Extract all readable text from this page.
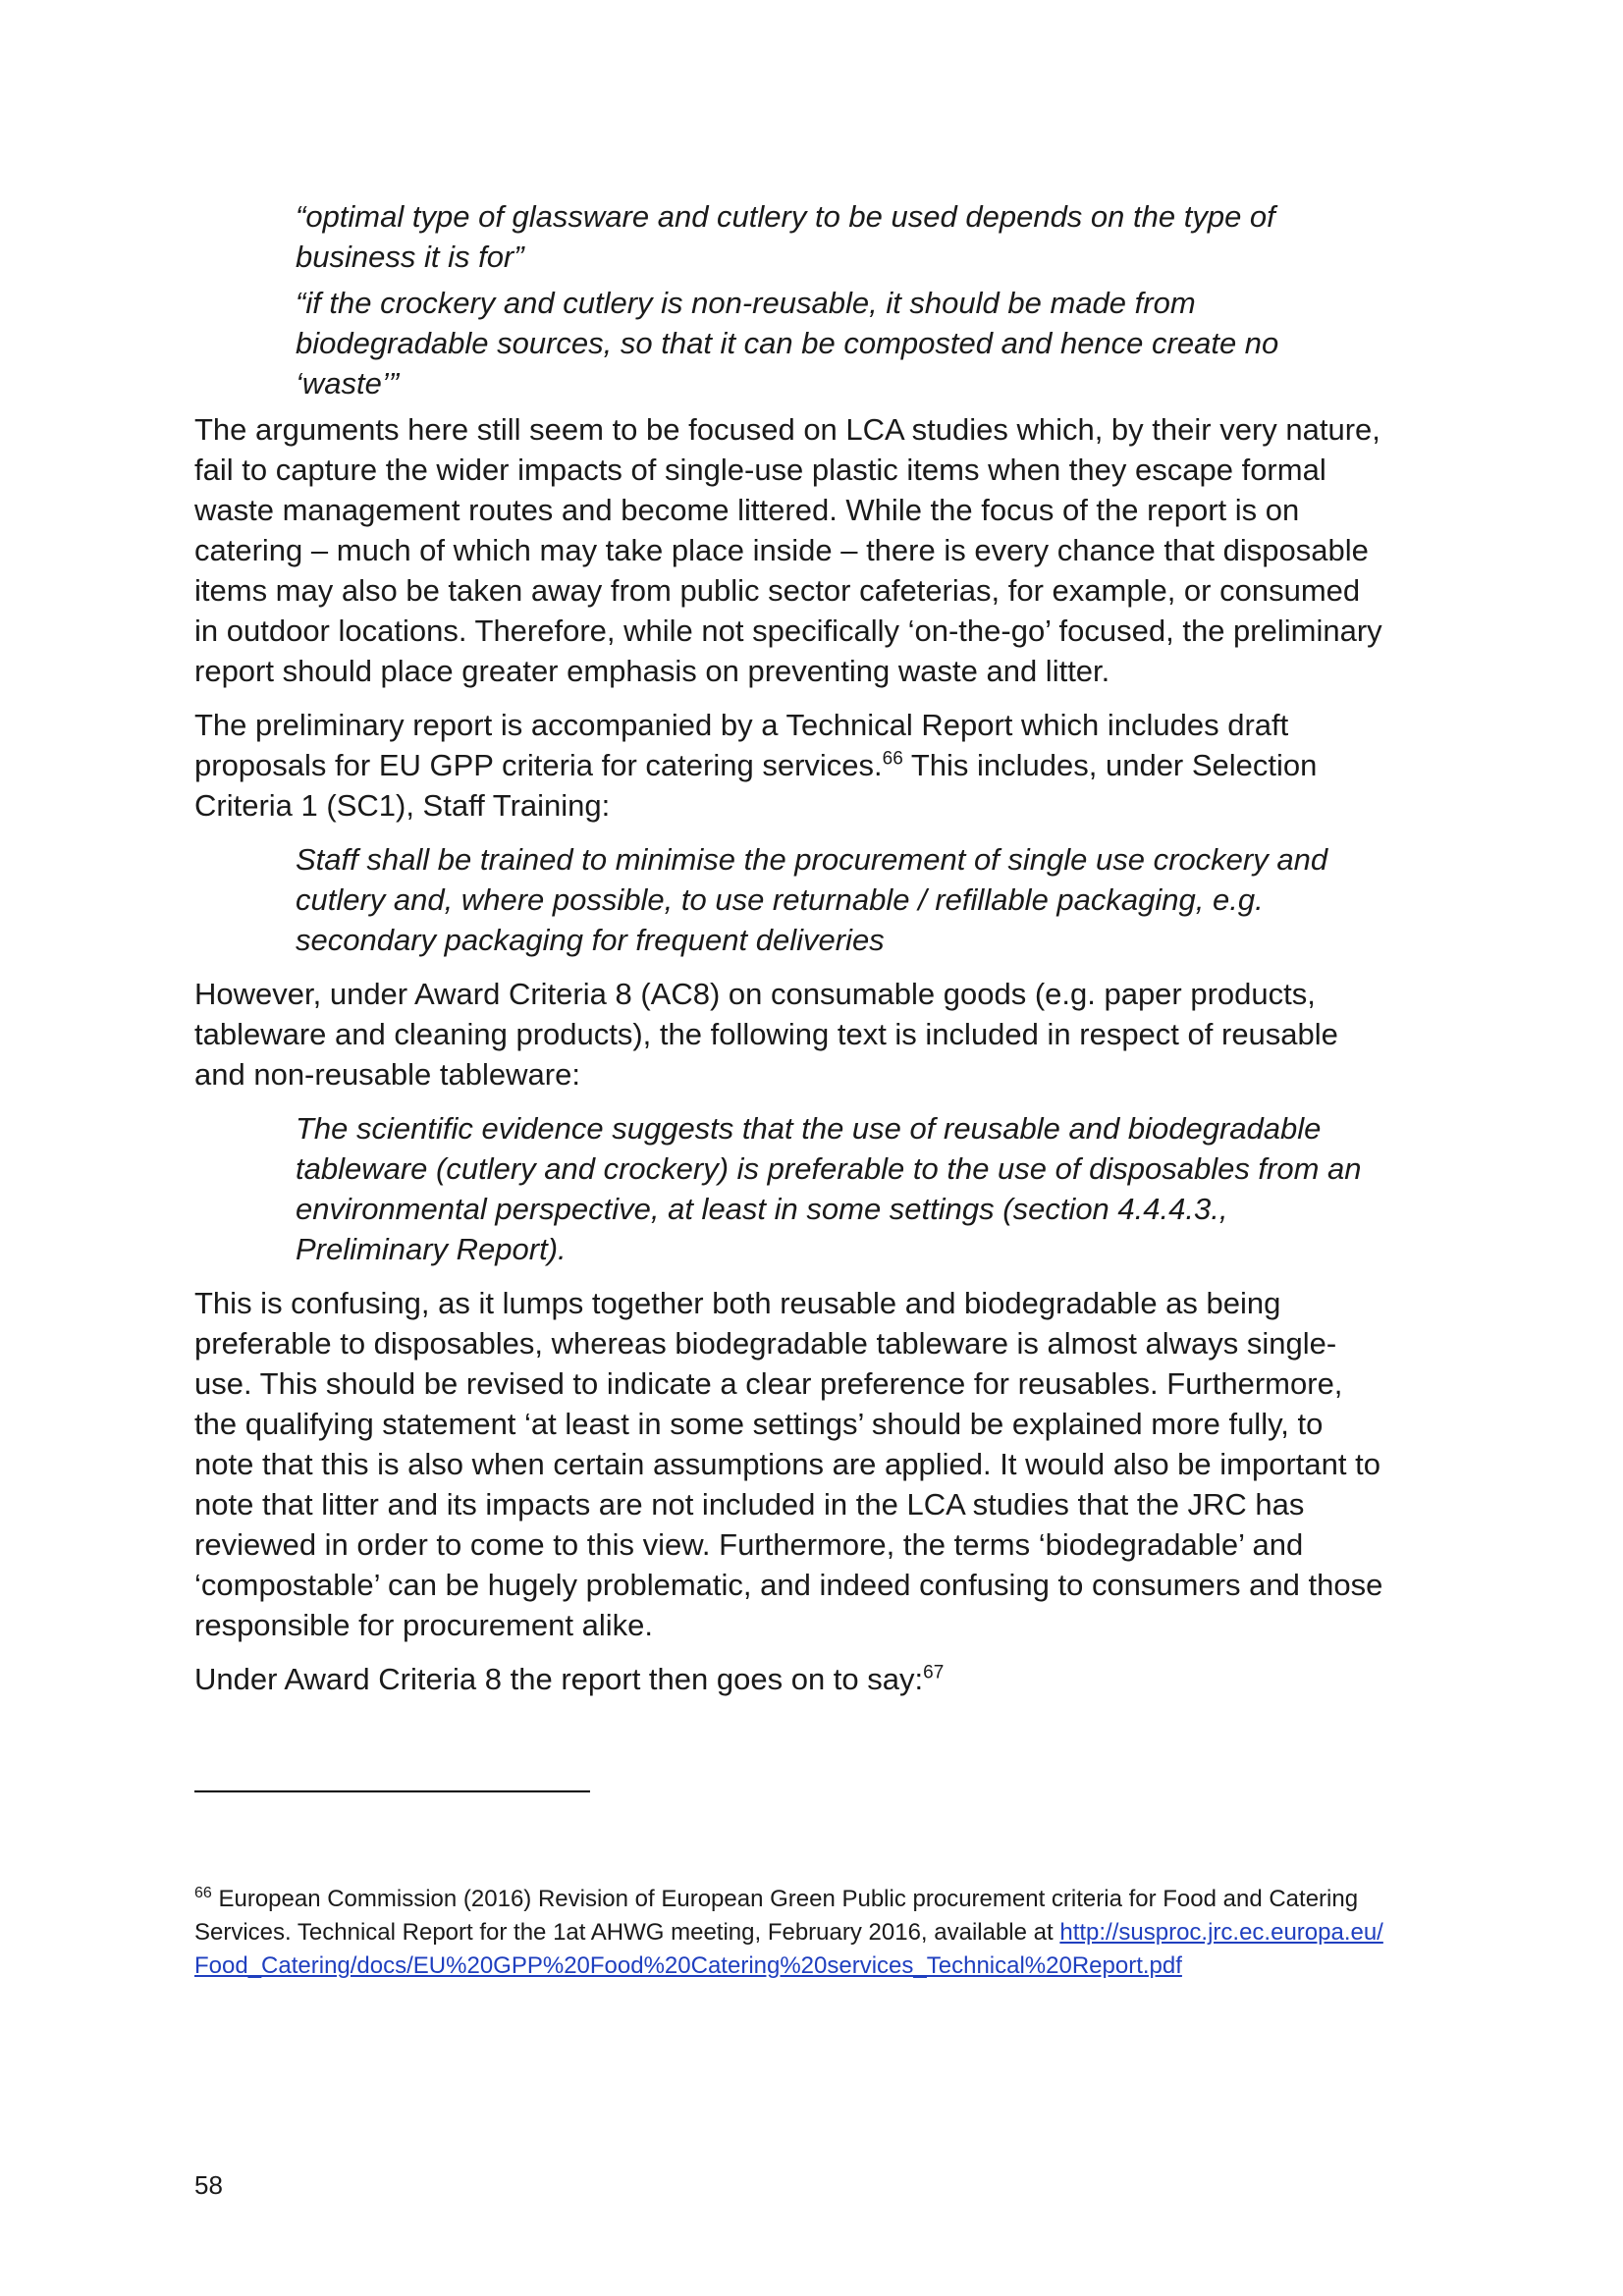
“optimal type of glassware and cutlery to be used depends on the type of business it is for”

“if the crockery and cutlery is non-reusable, it should be made from biodegradable sources, so that it can be composted and hence create no ‘waste’”

The arguments here still seem to be focused on LCA studies which, by their very nature, fail to capture the wider impacts of single-use plastic items when they escape formal waste management routes and become littered. While the focus of the report is on catering – much of which may take place inside – there is every chance that disposable items may also be taken away from public sector cafeterias, for example, or consumed in outdoor locations. Therefore, while not specifically ‘on-the-go’ focused, the preliminary report should place greater emphasis on preventing waste and litter.

The preliminary report is accompanied by a Technical Report which includes draft proposals for EU GPP criteria for catering services.$^{66}$ This includes, under Selection Criteria 1 (SC1), Staff Training:

Staff shall be trained to minimise the procurement of single use crockery and cutlery and, where possible, to use returnable / refillable packaging, e.g. secondary packaging for frequent deliveries

However, under Award Criteria 8 (AC8) on consumable goods (e.g. paper products, tableware and cleaning products), the following text is included in respect of reusable and non-reusable tableware:

The scientific evidence suggests that the use of reusable and biodegradable tableware (cutlery and crockery) is preferable to the use of disposables from an environmental perspective, at least in some settings (section 4.4.4.3., Preliminary Report).

This is confusing, as it lumps together both reusable and biodegradable as being preferable to disposables, whereas biodegradable tableware is almost always single-use. This should be revised to indicate a clear preference for reusables. Furthermore, the qualifying statement ‘at least in some settings’ should be explained more fully, to note that this is also when certain assumptions are applied. It would also be important to note that litter and its impacts are not included in the LCA studies that the JRC has reviewed in order to come to this view. Furthermore, the terms ‘biodegradable’ and ‘compostable’ can be hugely problematic, and indeed confusing to consumers and those responsible for procurement alike.

Under Award Criteria 8 the report then goes on to say:$^{67}$

$^{66}$ European Commission (2016) Revision of European Green Public procurement criteria for Food and Catering Services. Technical Report for the 1at AHWG meeting, February 2016, available at http://susproc.jrc.ec.europa.eu/Food_Catering/docs/EU%20GPP%20Food%20Catering%20services_Technical%20Report.pdf
58
